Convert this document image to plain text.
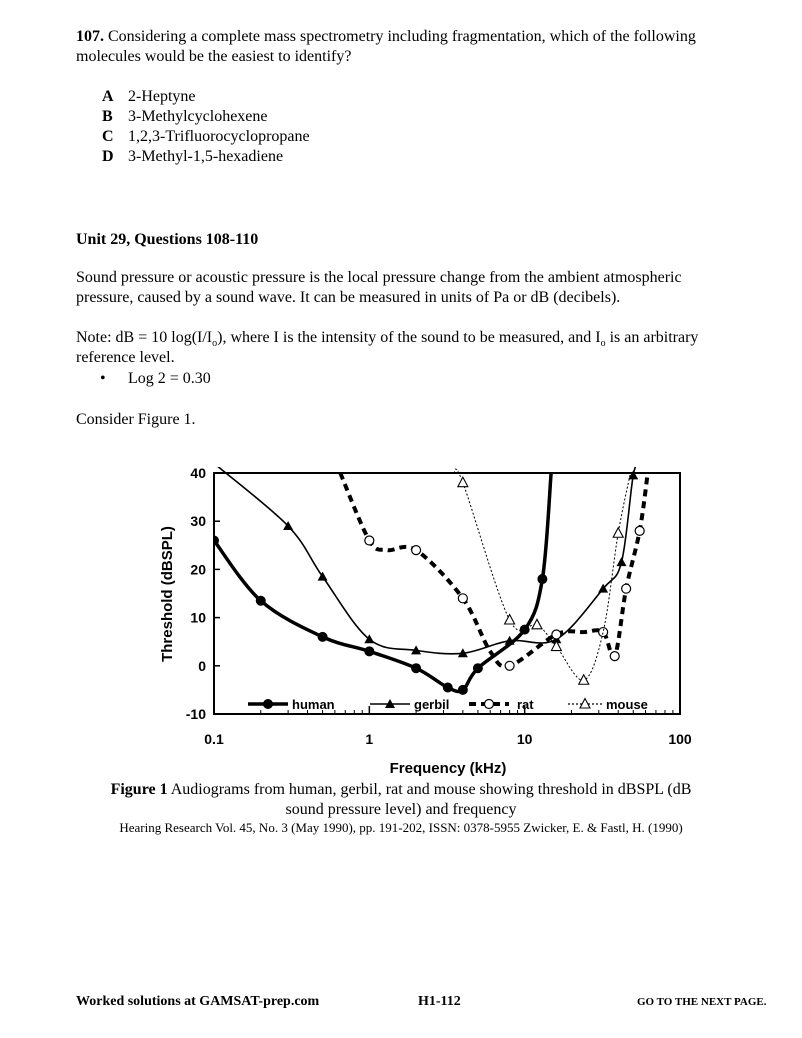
107. Considering a complete mass spectrometry including fragmentation, which of the following

molecules would be the easiest to identify?

A 2-Heptyne
B 3-Methylcyclohexene
C 1,2,3-Trifluorocyclopropane
D 3-Methyl-1,5-hexadiene

Unit 29, Questions 108-110

Sound pressure or acoustic pressure is the local pressure change from the ambient atmospheric

pressure, caused by a sound wave. It can be measured in units of Pa or dB (decibels).

Note: dB = 10 $\log(I/I_o)$, where I is the intensity of the sound to be measured, and $I_o$ is an arbitrary

reference level.

• Log 2 = 0.30

Consider Figure 1.

40
30
20
10
0
-10
0.1	1	10	100
human	gerbil	rat	mouse
Threshold (dBSPL)
Frequency (kHz)

Figure 1 Audiograms from human, gerbil, rat and mouse showing threshold in dBSPL (dB

sound pressure level) and frequency

Hearing Research Vol. 45, No. 3 (May 1990), pp. 191-202, ISSN: 0378-5955 Zwicker, E. & Fastl, H. (1990)

Worked solutions at GAMSAT-prep.com	H1-112	GO TO THE NEXT PAGE.
